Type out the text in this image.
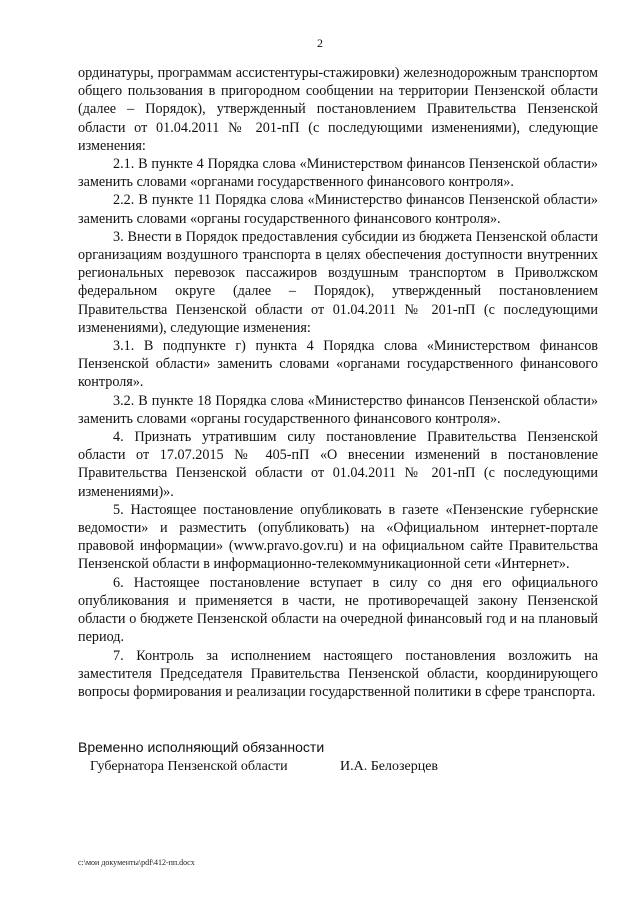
2

ординатуры, программам ассистентуры-стажировки) железнодорожным транспортом общего пользования в пригородном сообщении на территории Пензенской области (далее – Порядок), утвержденный постановлением Правительства Пензенской области от 01.04.2011 № 201-пП (с последующими изменениями), следующие изменения:

2.1. В пункте 4 Порядка слова «Министерством финансов Пензенской области» заменить словами «органами государственного финансового контроля».

2.2. В пункте 11 Порядка слова «Министерство финансов Пензенской области» заменить словами «органы государственного финансового контроля».

3. Внести в Порядок предоставления субсидии из бюджета Пензенской области организациям воздушного транспорта в целях обеспечения доступности внутренних региональных перевозок пассажиров воздушным транспортом в Приволжском федеральном округе (далее – Порядок), утвержденный постановлением Правительства Пензенской области от 01.04.2011 № 201-пП (с последующими изменениями), следующие изменения:

3.1. В подпункте г) пункта 4 Порядка слова «Министерством финансов Пензенской области» заменить словами «органами государственного финансового контроля».

3.2. В пункте 18 Порядка слова «Министерство финансов Пензенской области» заменить словами «органы государственного финансового контроля».

4. Признать утратившим силу постановление Правительства Пензенской области от 17.07.2015 № 405-пП «О внесении изменений в постановление Правительства Пензенской области от 01.04.2011 № 201-пП (с последующими изменениями)».

5. Настоящее постановление опубликовать в газете «Пензенские губернские ведомости» и разместить (опубликовать) на «Официальном интернет-портале правовой информации» (www.pravo.gov.ru) и на официальном сайте Правительства Пензенской области в информационно-телекоммуникационной сети «Интернет».

6. Настоящее постановление вступает в силу со дня его официального опубликования и применяется в части, не противоречащей закону Пензенской области о бюджете Пензенской области на очередной финансовый год и на плановый период.

7. Контроль за исполнением настоящего постановления возложить на заместителя Председателя Правительства Пензенской области, координирующего вопросы формирования и реализации государственной политики в сфере транспорта.

Временно исполняющий обязанности
Губернатора Пензенской области	И.А. Белозерцев
c:\мои документы\pdf\412-пп.docx
